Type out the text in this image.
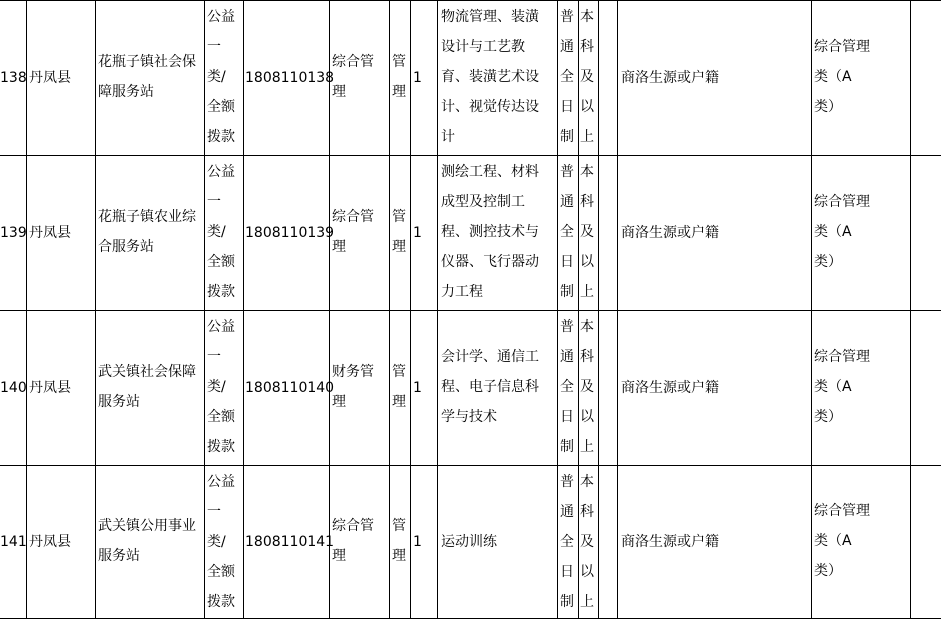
138 丹凤县
花瓶子镇社会保
障服务站
公益
一
类/
全额
拨款
1808110138
综合管
理
管
理
1
物流管理、装潢
设计与工艺教
育、装潢艺术设
计、视觉传达设
计
普
通
全
日
制
本
科
及
以
上
商洛生源或户籍
综合管理
类（A
类）
139 丹凤县
花瓶子镇农业综
合服务站
公益
一
类/
全额
拨款
1808110139
综合管
理
管
理
1
测绘工程、材料
成型及控制工
程、测控技术与
仪器、飞行器动
力工程
普
通
全
日
制
本
科
及
以
上
商洛生源或户籍
综合管理
类（A
类）
140 丹凤县
武关镇社会保障
服务站
公益
一
类/
全额
拨款
1808110140
财务管
理
管
理
1
会计学、通信工
程、电子信息科
学与技术
普
通
全
日
制
本
科
及
以
上
商洛生源或户籍
综合管理
类（A
类）
141 丹凤县
武关镇公用事业
服务站
公益
一
类/
全额
拨款
1808110141
综合管
理
管
理
1 运动训练
普
通
全
日
制
本
科
及
以
上
商洛生源或户籍
综合管理
类（A
类）
